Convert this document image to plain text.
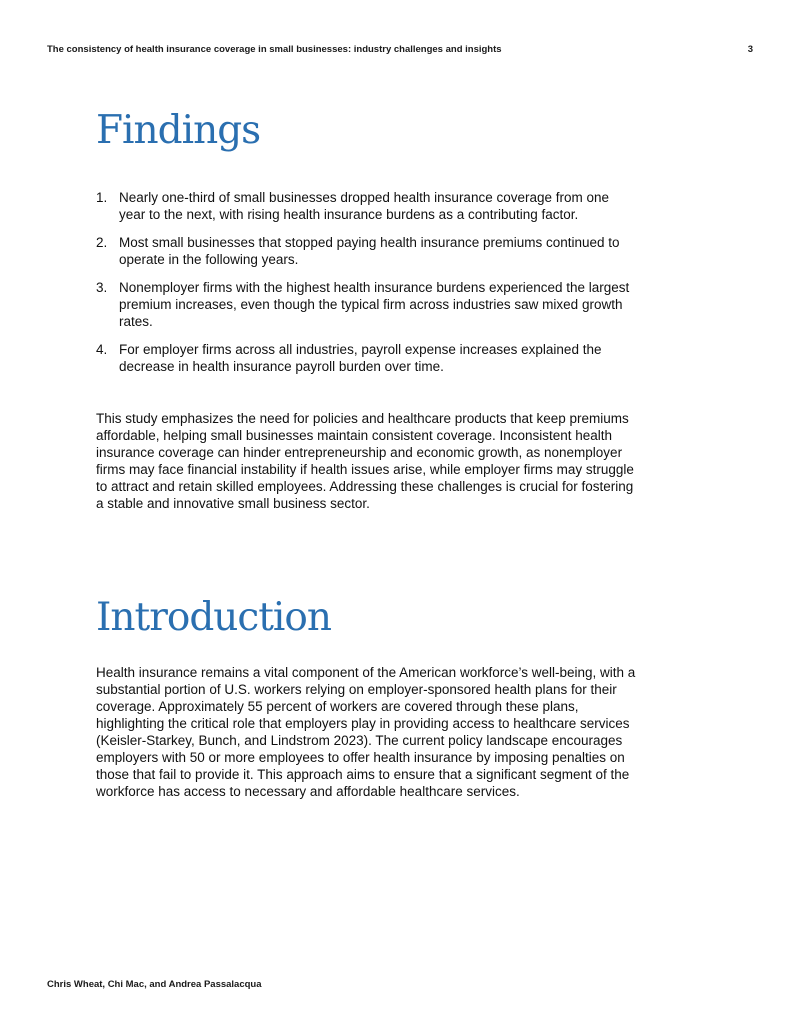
The consistency of health insurance coverage in small businesses: industry challenges and insights	3
Findings
1. Nearly one-third of small businesses dropped health insurance coverage from one year to the next, with rising health insurance burdens as a contributing factor.
2. Most small businesses that stopped paying health insurance premiums continued to operate in the following years.
3. Nonemployer firms with the highest health insurance burdens experienced the largest premium increases, even though the typical firm across industries saw mixed growth rates.
4. For employer firms across all industries, payroll expense increases explained the decrease in health insurance payroll burden over time.

This study emphasizes the need for policies and healthcare products that keep premiums affordable, helping small businesses maintain consistent coverage. Inconsistent health insurance coverage can hinder entrepreneurship and economic growth, as nonemployer firms may face financial instability if health issues arise, while employer firms may struggle to attract and retain skilled employees. Addressing these challenges is crucial for fostering a stable and innovative small business sector.

Introduction

Health insurance remains a vital component of the American workforce’s well-being, with a substantial portion of U.S. workers relying on employer-sponsored health plans for their coverage. Approximately 55 percent of workers are covered through these plans, highlighting the critical role that employers play in providing access to healthcare services (Keisler-Starkey, Bunch, and Lindstrom 2023). The current policy landscape encourages employers with 50 or more employees to offer health insurance by imposing penalties on those that fail to provide it. This approach aims to ensure that a significant segment of the workforce has access to necessary and affordable healthcare services.

Chris Wheat, Chi Mac, and Andrea Passalacqua
